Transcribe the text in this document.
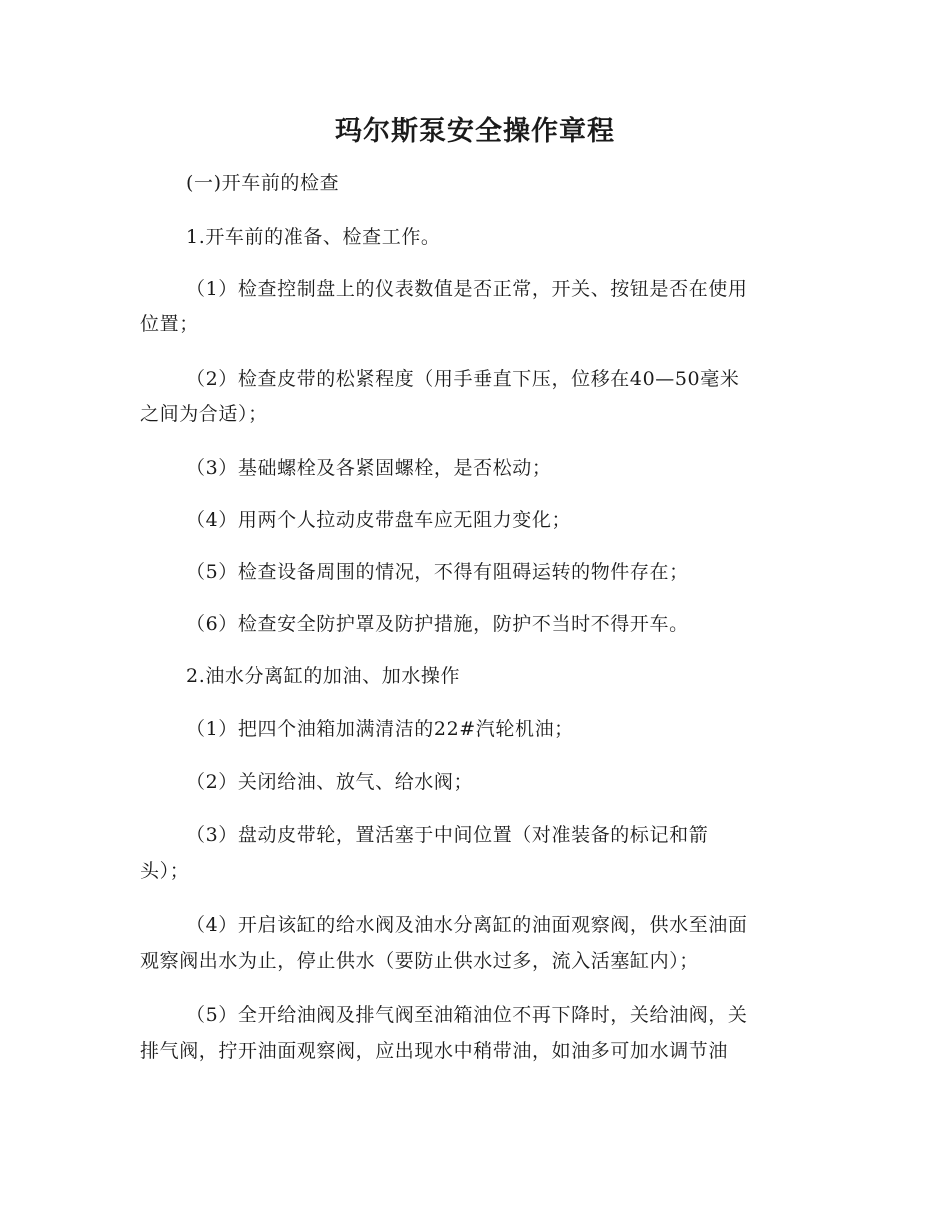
玛尔斯泵安全操作章程
(一)开车前的检查
1.开车前的准备、检查工作。
（1）检查控制盘上的仪表数值是否正常，开关、按钮是否在使用
位置；
（2）检查皮带的松紧程度（用手垂直下压，位移在40—50毫米
之间为合适）；
（3）基础螺栓及各紧固螺栓，是否松动；
（4）用两个人拉动皮带盘车应无阻力变化；
（5）检查设备周围的情况，不得有阻碍运转的物件存在；
（6）检查安全防护罩及防护措施，防护不当时不得开车。
2.油水分离缸的加油、加水操作
（1）把四个油箱加满清洁的22#汽轮机油；
（2）关闭给油、放气、给水阀；
（3）盘动皮带轮，置活塞于中间位置（对准装备的标记和箭
头）；
（4）开启该缸的给水阀及油水分离缸的油面观察阀，供水至油面
观察阀出水为止，停止供水（要防止供水过多，流入活塞缸内）；
（5）全开给油阀及排气阀至油箱油位不再下降时，关给油阀，关
排气阀，拧开油面观察阀，应出现水中稍带油，如油多可加水调节油
